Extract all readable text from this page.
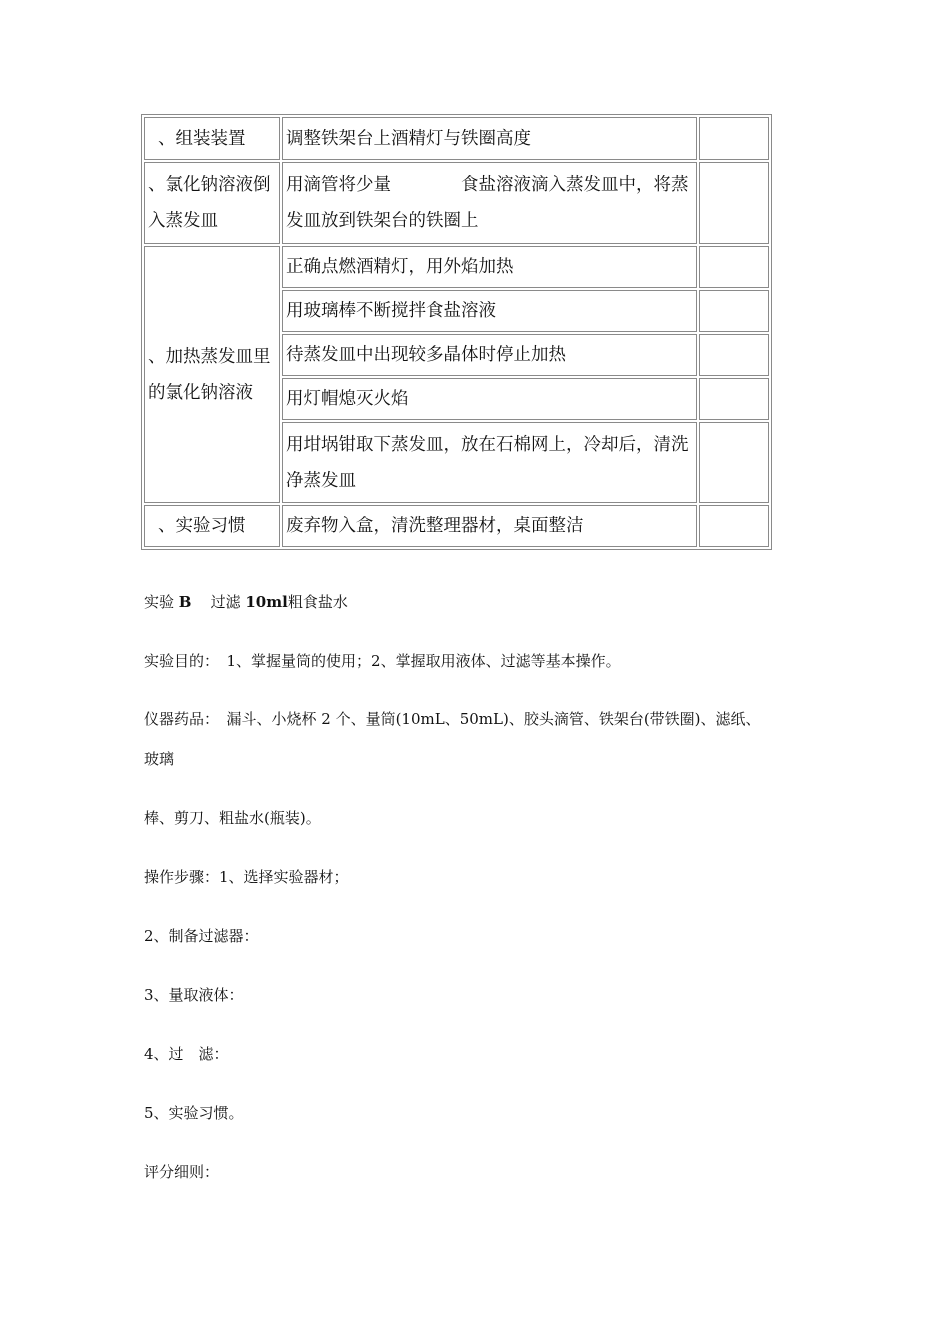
、组装装置	调整铁架台上酒精灯与铁圈高度	
、氯化钠溶液倒入蒸发皿	用滴管将少量　　　　食盐溶液滴入蒸发皿中，将蒸发皿放到铁架台的铁圈上	
、加热蒸发皿里的氯化钠溶液	正确点燃酒精灯，用外焰加热	
	用玻璃棒不断搅拌食盐溶液	
	待蒸发皿中出现较多晶体时停止加热	
	用灯帽熄灭火焰	
	用坩埚钳取下蒸发皿，放在石棉网上，冷却后，清洗净蒸发皿	
、实验习惯	废弃物入盒，清洗整理器材，桌面整洁	
实验 B 过滤 10ml粗食盐水
实验目的：　1、掌握量筒的使用；2、掌握取用液体、过滤等基本操作。
仪器药品：　漏斗、小烧杯 2 个、量筒(10mL、50mL)、胶头滴管、铁架台(带铁圈)、滤纸、
玻璃
棒、剪刀、粗盐水(瓶装)。
操作步骤：1、选择实验器材；
2、制备过滤器：
3、量取液体：
4、过　滤：
5、实验习惯。
评分细则：
